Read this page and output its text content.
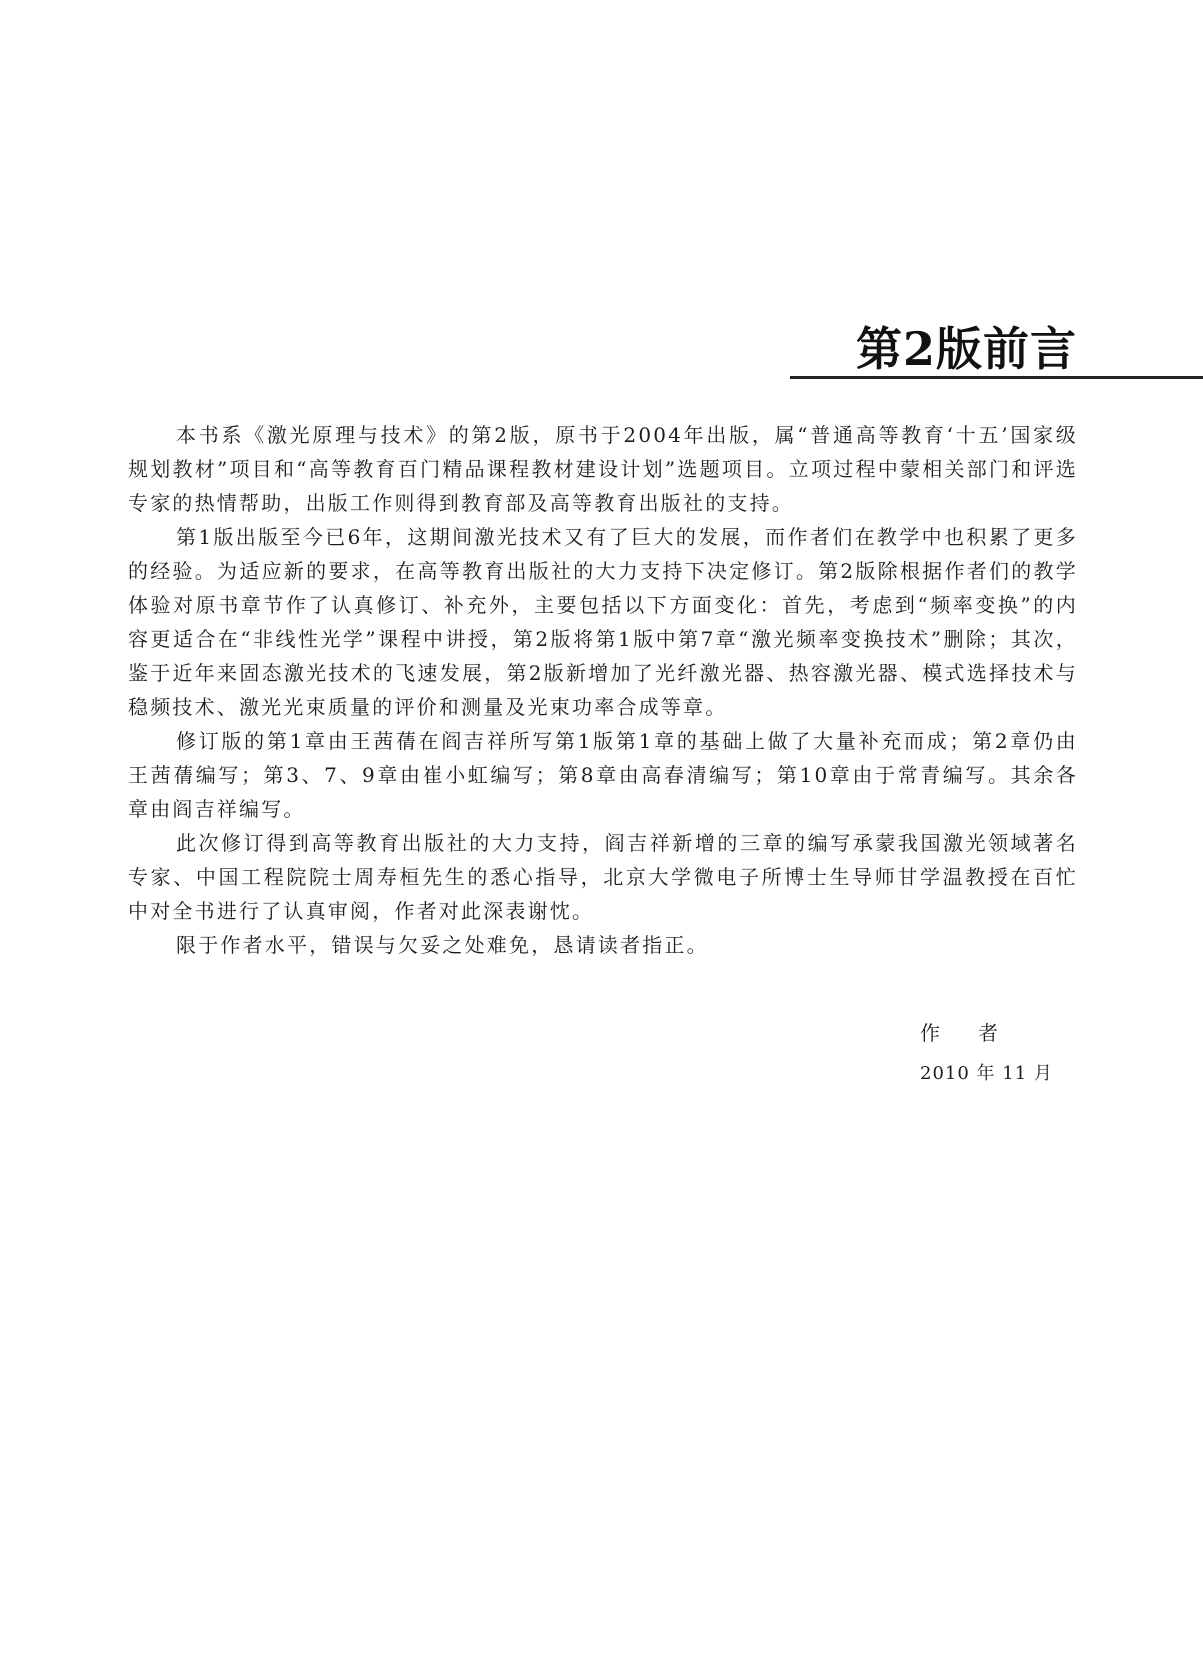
第2版前言

本书系《激光原理与技术》的第2版，原书于2004年出版，属“普通高等教育‘十五’国家级规划教材”项目和“高等教育百门精品课程教材建设计划”选题项目。立项过程中蒙相关部门和评选专家的热情帮助，出版工作则得到教育部及高等教育出版社的支持。

第1版出版至今已6年，这期间激光技术又有了巨大的发展，而作者们在教学中也积累了更多的经验。为适应新的要求，在高等教育出版社的大力支持下决定修订。第2版除根据作者们的教学体验对原书章节作了认真修订、补充外，主要包括以下方面变化：首先，考虑到“频率变换”的内容更适合在“非线性光学”课程中讲授，第2版将第1版中第7章“激光频率变换技术”删除；其次，鉴于近年来固态激光技术的飞速发展，第2版新增加了光纤激光器、热容激光器、模式选择技术与稳频技术、激光光束质量的评价和测量及光束功率合成等章。

修订版的第1章由王茜蒨在阎吉祥所写第1版第1章的基础上做了大量补充而成；第2章仍由王茜蒨编写；第3、7、9章由崔小虹编写；第8章由高春清编写；第10章由于常青编写。其余各章由阎吉祥编写。

此次修订得到高等教育出版社的大力支持，阎吉祥新增的三章的编写承蒙我国激光领域著名专家、中国工程院院士周寿桓先生的悉心指导，北京大学微电子所博士生导师甘学温教授在百忙中对全书进行了认真审阅，作者对此深表谢忱。

限于作者水平，错误与欠妥之处难免，恳请读者指正。

作者
2010 年 11 月
